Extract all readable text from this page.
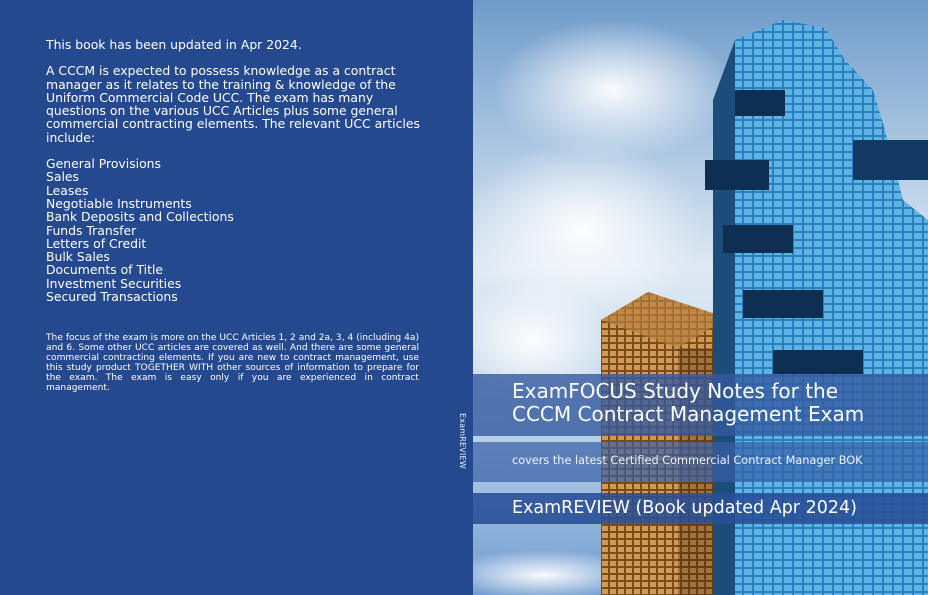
This book has been updated in Apr 2024.

A CCCM is expected to possess knowledge as a contract manager as it relates to the training & knowledge of the Uniform Commercial Code UCC. The exam has many questions on the various UCC Articles plus some general commercial contracting elements. The relevant UCC articles include:

General Provisions
Sales
Leases
Negotiable Instruments
Bank Deposits and Collections
Funds Transfer
Letters of Credit
Bulk Sales
Documents of Title
Investment Securities
Secured Transactions

The focus of the exam is more on the UCC Articles 1, 2 and 2a, 3, 4 (including 4a) and 6. Some other UCC articles are covered as well. And there are some general commercial contracting elements. If you are new to contract management, use this study product TOGETHER WITH other sources of information to prepare for the exam. The exam is easy only if you are experienced in contract management.

ExamREVIEW
ExamFOCUS Study Notes for the
CCCM Contract Management Exam
covers the latest Certified Commercial Contract Manager BOK
ExamREVIEW (Book updated Apr 2024)
